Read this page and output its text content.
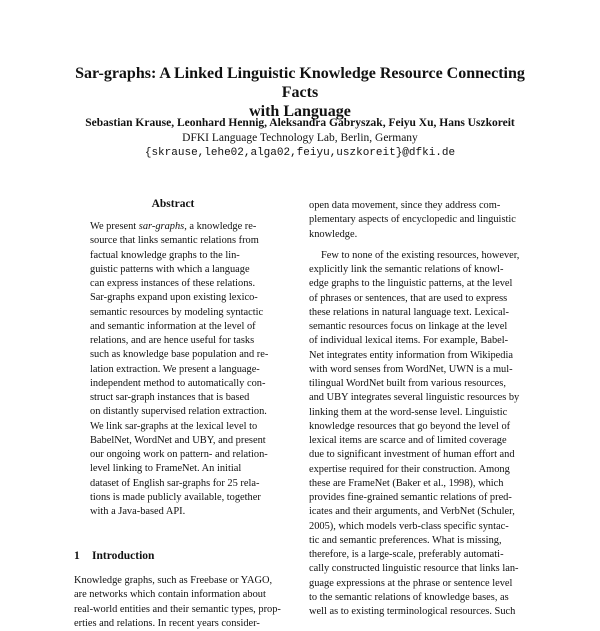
Sar-graphs: A Linked Linguistic Knowledge Resource Connecting Facts
with Language
Sebastian Krause, Leonhard Hennig, Aleksandra Gabryszak, Feiyu Xu, Hans Uszkoreit
DFKI Language Technology Lab, Berlin, Germany
{skrause,lehe02,alga02,feiyu,uszkoreit}@dfki.de
Abstract
We present sar-graphs, a knowledge re-
source that links semantic relations from
factual knowledge graphs to the lin-
guistic patterns with which a language
can express instances of these relations.
Sar-graphs expand upon existing lexico-
semantic resources by modeling syntactic
and semantic information at the level of
relations, and are hence useful for tasks
such as knowledge base population and re-
lation extraction. We present a language-
independent method to automatically con-
struct sar-graph instances that is based
on distantly supervised relation extraction.
We link sar-graphs at the lexical level to
BabelNet, WordNet and UBY, and present
our ongoing work on pattern- and relation-
level linking to FrameNet. An initial
dataset of English sar-graphs for 25 rela-
tions is made publicly available, together
with a Java-based API.
1 Introduction
Knowledge graphs, such as Freebase or YAGO,
are networks which contain information about
real-world entities and their semantic types, prop-
erties and relations. In recent years consider-
open data movement, since they address com-
plementary aspects of encyclopedic and linguistic
knowledge.
Few to none of the existing resources, however,
explicitly link the semantic relations of knowl-
edge graphs to the linguistic patterns, at the level
of phrases or sentences, that are used to express
these relations in natural language text. Lexical-
semantic resources focus on linkage at the level
of individual lexical items. For example, Babel-
Net integrates entity information from Wikipedia
with word senses from WordNet, UWN is a mul-
tilingual WordNet built from various resources,
and UBY integrates several linguistic resources by
linking them at the word-sense level. Linguistic
knowledge resources that go beyond the level of
lexical items are scarce and of limited coverage
due to significant investment of human effort and
expertise required for their construction. Among
these are FrameNet (Baker et al., 1998), which
provides fine-grained semantic relations of pred-
icates and their arguments, and VerbNet (Schuler,
2005), which models verb-class specific syntac-
tic and semantic preferences. What is missing,
therefore, is a large-scale, preferably automati-
cally constructed linguistic resource that links lan-
guage expressions at the phrase or sentence level
to the semantic relations of knowledge bases, as
well as to existing terminological resources. Such
